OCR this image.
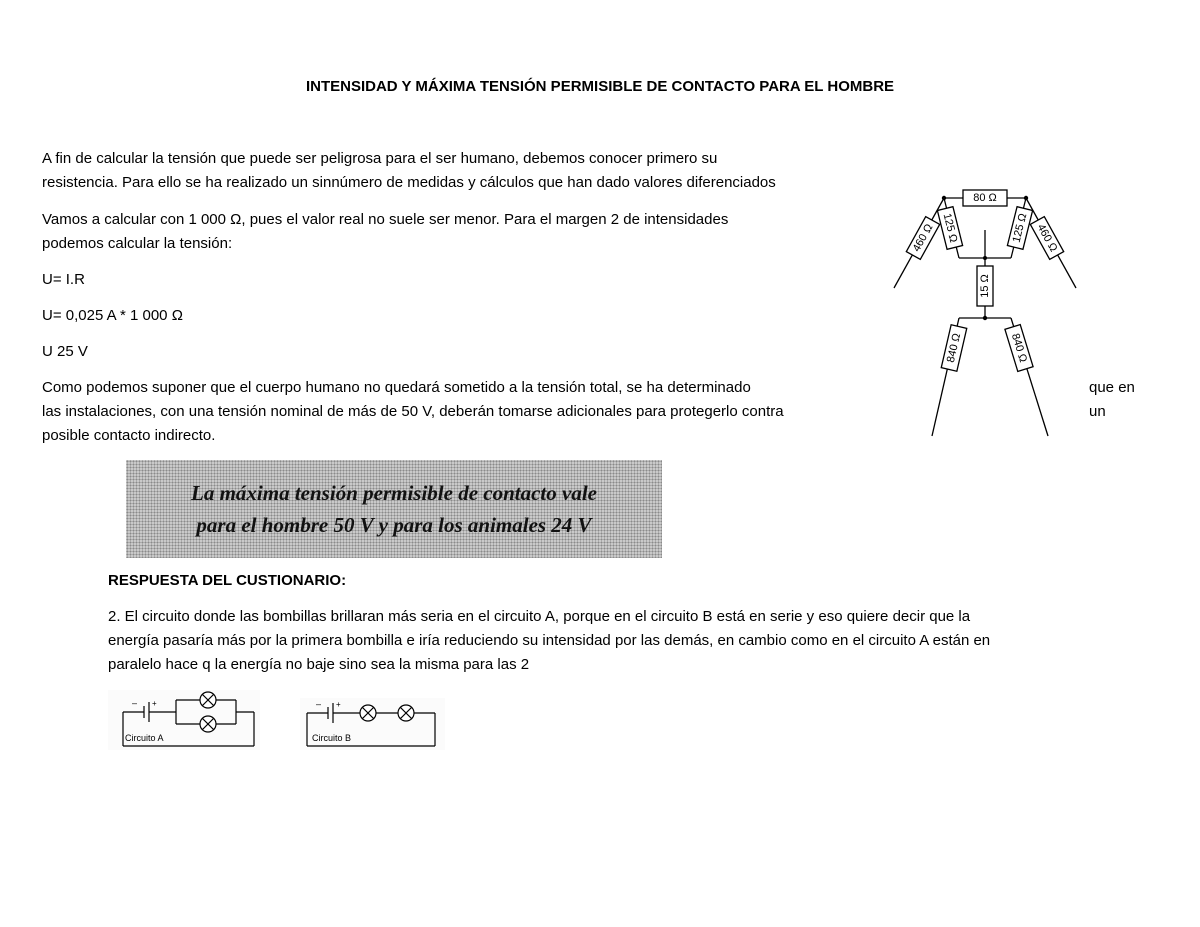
INTENSIDAD Y MÁXIMA TENSIÓN PERMISIBLE DE CONTACTO PARA EL HOMBRE

A fin de calcular la tensión que puede ser peligrosa para el ser humano, debemos conocer primero su

resistencia. Para ello se ha realizado un sinnúmero de medidas y cálculos que han dado valores diferenciados

Vamos a calcular con 1 000 Ω, pues el valor real no suele ser menor. Para el margen 2 de intensidades

podemos calcular la tensión:

U= I.R

U= 0,025 A * 1 000 Ω

U 25 V

Como podemos suponer que el cuerpo humano no quedará sometido a la tensión total, se ha determinado	que en

las instalaciones, con una tensión nominal de más de 50 V, deberán tomarse adicionales para protegerlo contra	un

posible contacto indirecto.

80 Ω
125 Ω	125 Ω
460 Ω	460 Ω
15 Ω
840 Ω	840 Ω
La máxima tensión permisible de contacto vale
para el hombre 50 V y para los animales 24 V

RESPUESTA DEL CUSTIONARIO:

2. El circuito donde las bombillas brillaran más seria en el circuito A, porque en el circuito B está en serie y eso quiere decir que la

energía pasaría más por la primera bombilla e iría reduciendo su intensidad por las demás, en cambio como en el circuito A están en

paralelo hace q la energía no baje sino sea la misma para las 2

– +
Circuito A
– +
Circuito B
